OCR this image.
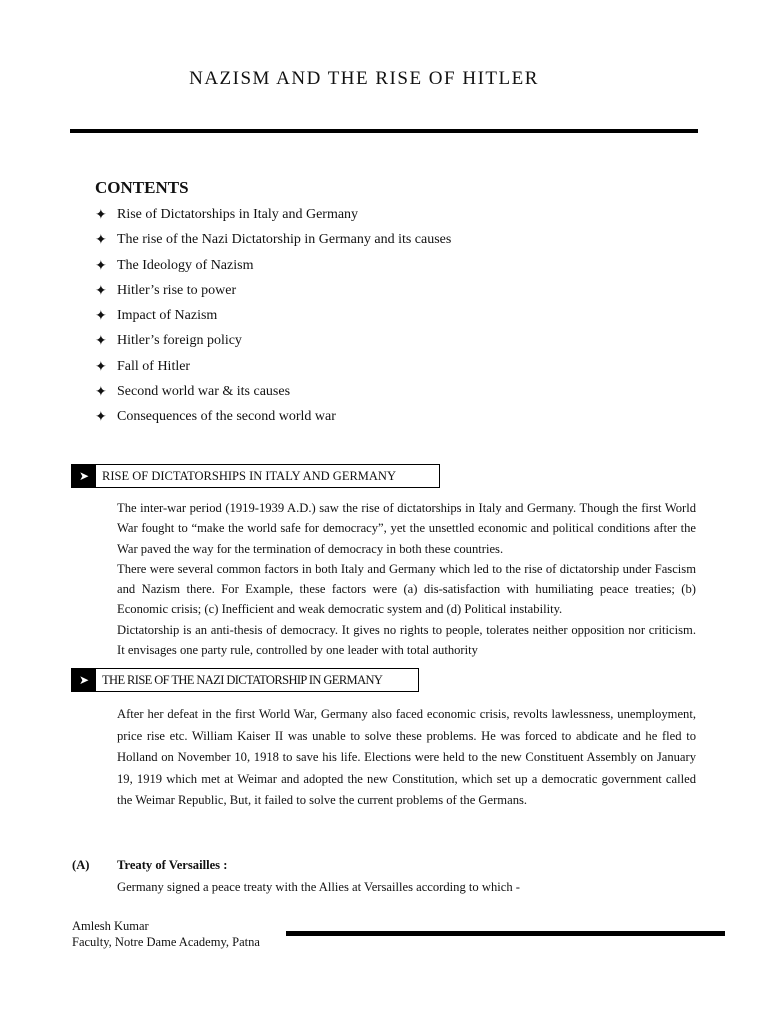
NAZISM AND THE RISE OF HITLER
CONTENTS
✦ Rise of Dictatorships in Italy and Germany
✦ The rise of the Nazi Dictatorship in Germany and its causes
✦ The Ideology of Nazism
✦ Hitler’s rise to power
✦ Impact of Nazism
✦ Hitler’s foreign policy
✦ Fall of Hitler
✦ Second world war & its causes
✦ Consequences of the second world war
➤	RISE OF DICTATORSHIPS IN ITALY AND GERMANY
The inter-war period (1919-1939 A.D.) saw the rise of dictatorships in Italy and Germany. Though the first World War fought to “make the world safe for democracy”, yet the unsettled economic and political conditions after the War paved the way for the termination of democracy in both these countries.
There were several common factors in both Italy and Germany which led to the rise of dictatorship under Fascism and Nazism there. For Example, these factors were (a) dis-satisfaction with humiliating peace treaties; (b) Economic crisis; (c) Inefficient and weak democratic system and (d) Political instability.
Dictatorship is an anti-thesis of democracy. It gives no rights to people, tolerates neither opposition nor criticism. It envisages one party rule, controlled by one leader with total authority
➤	THE RISE OF THE NAZI DICTATORSHIP IN GERMANY
After her defeat in the first World War, Germany also faced economic crisis, revolts lawlessness, unemployment, price rise etc. William Kaiser II was unable to solve these problems. He was forced to abdicate and he fled to Holland on November 10, 1918 to save his life. Elections were held to the new Constituent Assembly on January 19, 1919 which met at Weimar and adopted the new Constitution, which set up a democratic government called the Weimar Republic, But, it failed to solve the current problems of the Germans.
(A) Treaty of Versailles :
Germany signed a peace treaty with the Allies at Versailles according to which -
Amlesh Kumar
Faculty, Notre Dame Academy, Patna
